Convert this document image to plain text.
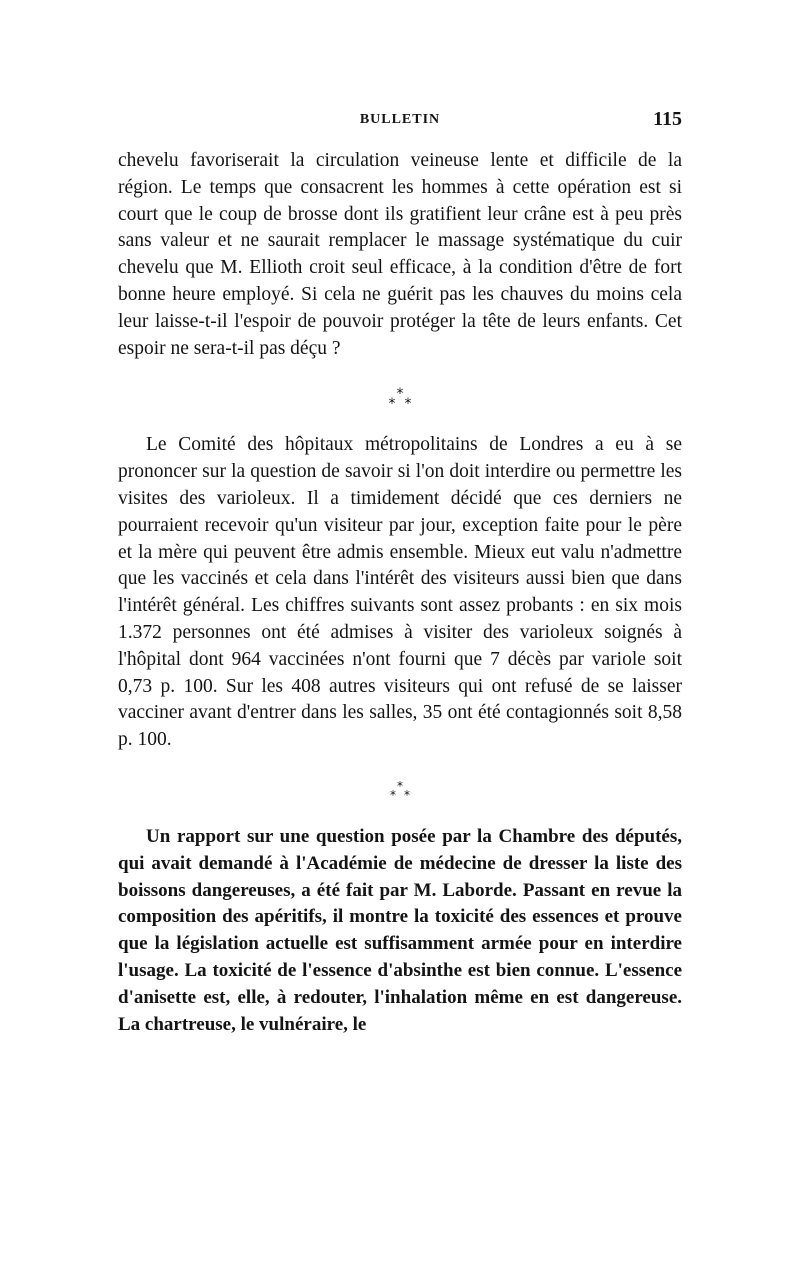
BULLETIN	115

chevelu favoriserait la circulation veineuse lente et difficile de la région. Le temps que consacrent les hommes à cette opération est si court que le coup de brosse dont ils gratifient leur crâne est à peu près sans valeur et ne saurait remplacer le massage systématique du cuir chevelu que M. Ellioth croit seul efficace, à la condition d'être de fort bonne heure employé. Si cela ne guérit pas les chauves du moins cela leur laisse-t-il l'espoir de pouvoir protéger la tête de leurs enfants. Cet espoir ne sera-t-il pas déçu ?

*
* *

Le Comité des hôpitaux métropolitains de Londres a eu à se prononcer sur la question de savoir si l'on doit interdire ou permettre les visites des varioleux. Il a timidement décidé que ces derniers ne pourraient recevoir qu'un visiteur par jour, exception faite pour le père et la mère qui peuvent être admis ensemble. Mieux eut valu n'admettre que les vaccinés et cela dans l'intérêt des visiteurs aussi bien que dans l'intérêt général. Les chiffres suivants sont assez probants : en six mois 1.372 personnes ont été admises à visiter des varioleux soignés à l'hôpital dont 964 vaccinées n'ont fourni que 7 décès par variole soit 0,73 p. 100. Sur les 408 autres visiteurs qui ont refusé de se laisser vacciner avant d'entrer dans les salles, 35 ont été contagionnés soit 8,58 p. 100.

*
* *

Un rapport sur une question posée par la Chambre des députés, qui avait demandé à l'Académie de médecine de dresser la liste des boissons dangereuses, a été fait par M. Laborde. Passant en revue la composition des apéritifs, il montre la toxicité des essences et prouve que la législation actuelle est suffisamment armée pour en interdire l'usage. La toxicité de l'essence d'absinthe est bien connue. L'essence d'anisette est, elle, à redouter, l'inhalation même en est dangereuse. La chartreuse, le vulnéraire, le
